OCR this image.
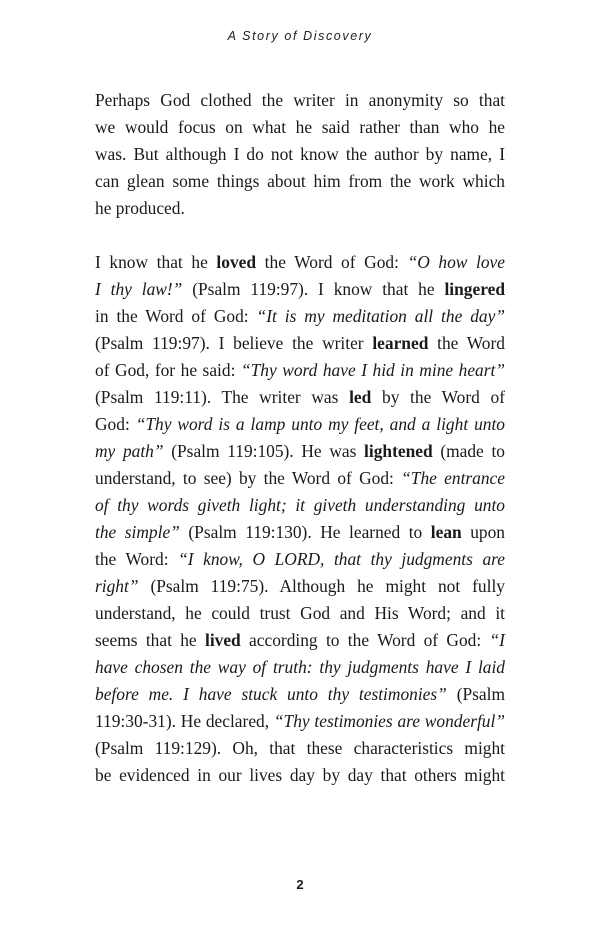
A Story of Discovery
Perhaps God clothed the writer in anonymity so that
we would focus on what he said rather than who he
was. But although I do not know the author by name, I
can glean some things about him from the work which
he produced.
I know that he loved the Word of God: “O how love
I thy law!” (Psalm 119:97). I know that he lingered
in the Word of God: “It is my meditation all the day”
(Psalm 119:97). I believe the writer learned the Word
of God, for he said: “Thy word have I hid in mine heart”
(Psalm 119:11). The writer was led by the Word of
God: “Thy word is a lamp unto my feet, and a light unto
my path” (Psalm 119:105). He was lightened (made to
understand, to see) by the Word of God: “The entrance
of thy words giveth light; it giveth understanding unto
the simple” (Psalm 119:130). He learned to lean upon
the Word: “I know, O LORD, that thy judgments are
right” (Psalm 119:75). Although he might not fully
understand, he could trust God and His Word; and it
seems that he lived according to the Word of God: “I
have chosen the way of truth: thy judgments have I laid
before me. I have stuck unto thy testimonies” (Psalm
119:30-31). He declared, “Thy testimonies are wonderful”
(Psalm 119:129). Oh, that these characteristics might
be evidenced in our lives day by day that others might
2
